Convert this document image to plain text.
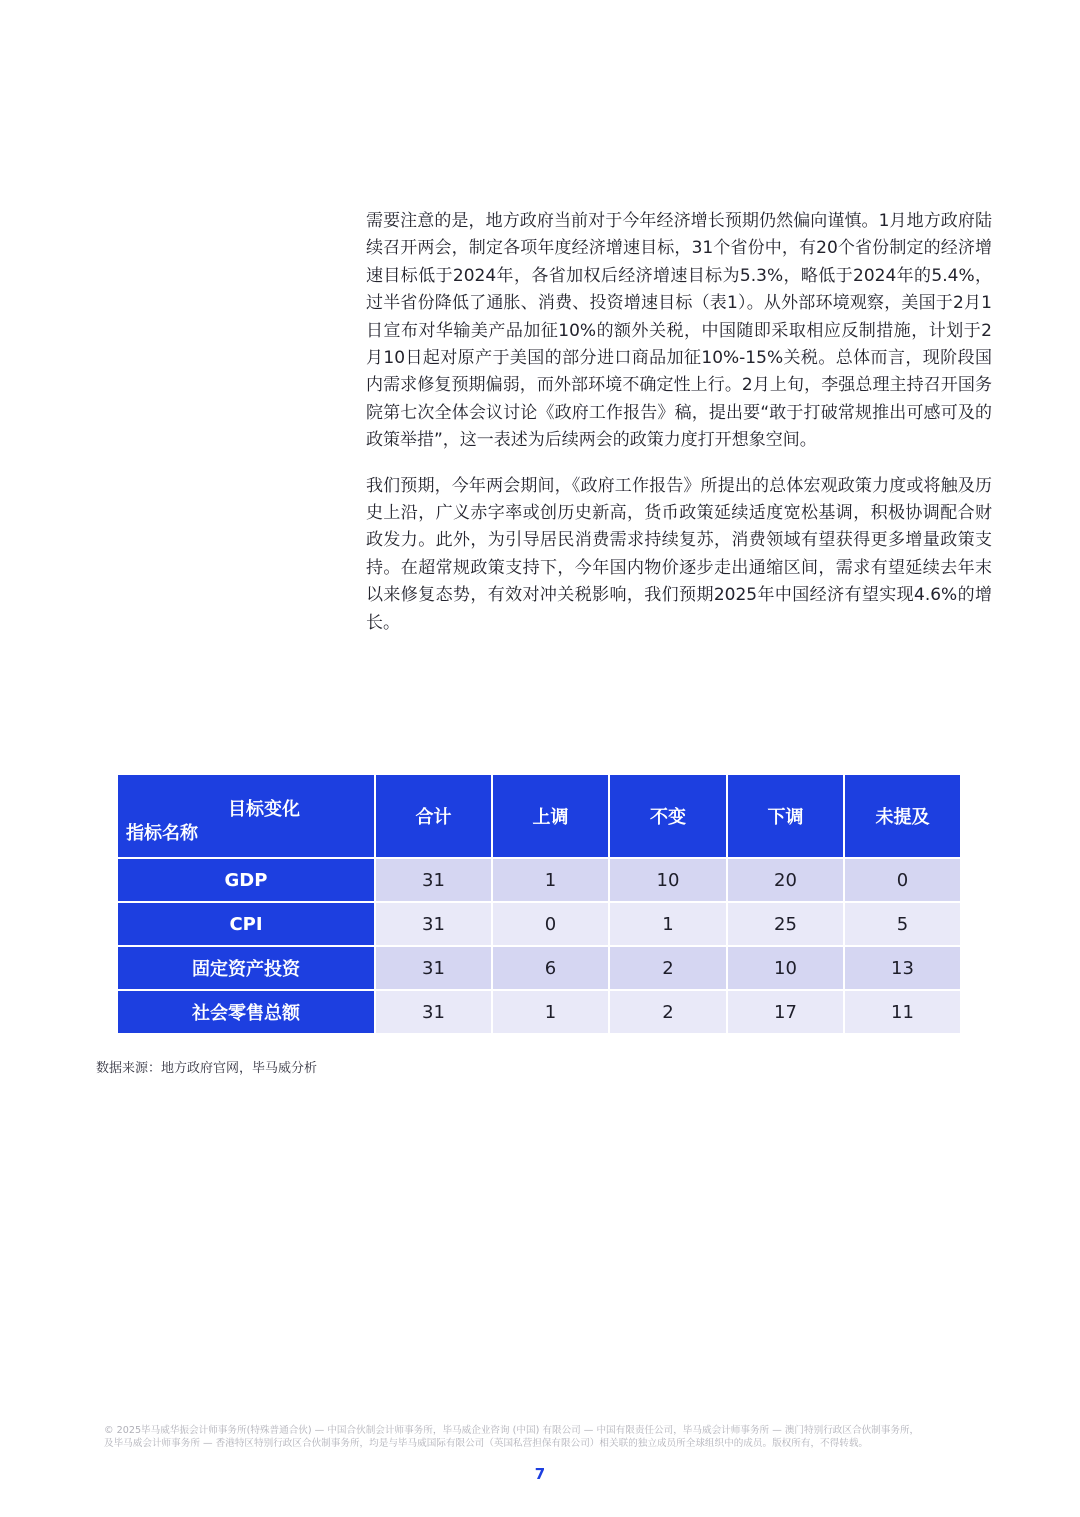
需要注意的是，地方政府当前对于今年经济增长预期仍然偏向谨慎。1月地方政府陆续召开两会，制定各项年度经济增速目标，31个省份中，有20个省份制定的经济增速目标低于2024年，各省加权后经济增速目标为5.3%，略低于2024年的5.4%，过半省份降低了通胀、消费、投资增速目标（表1）。从外部环境观察，美国于2月1日宣布对华输美产品加征10%的额外关税，中国随即采取相应反制措施，计划于2月10日起对原产于美国的部分进口商品加征10%-15%关税。总体而言，现阶段国内需求修复预期偏弱，而外部环境不确定性上行。2月上旬，李强总理主持召开国务院第七次全体会议讨论《政府工作报告》稿，提出要“敢于打破常规推出可感可及的政策举措”，这一表述为后续两会的政策力度打开想象空间。

我们预期，今年两会期间，《政府工作报告》所提出的总体宏观政策力度或将触及历史上沿，广义赤字率或创历史新高，货币政策延续适度宽松基调，积极协调配合财政发力。此外，为引导居民消费需求持续复苏，消费领域有望获得更多增量政策支持。在超常规政策支持下，今年国内物价逐步走出通缩区间，需求有望延续去年末以来修复态势，有效对冲关税影响，我们预期2025年中国经济有望实现4.6%的增长。

目标变化
指标名称	合计	上调	不变	下调	未提及
GDP	31	1	10	20	0
CPI	31	0	1	25	5
固定资产投资	31	6	2	10	13
社会零售总额	31	1	2	17	11
数据来源：地方政府官网，毕马威分析
© 2025毕马威华振会计师事务所(特殊普通合伙) — 中国合伙制会计师事务所，毕马威企业咨询 (中国) 有限公司 — 中国有限责任公司，毕马威会计师事务所 — 澳门特别行政区合伙制事务所，
及毕马威会计师事务所 — 香港特区特别行政区合伙制事务所，均是与毕马威国际有限公司（英国私营担保有限公司）相关联的独立成员所全球组织中的成员。版权所有，不得转载。
7
